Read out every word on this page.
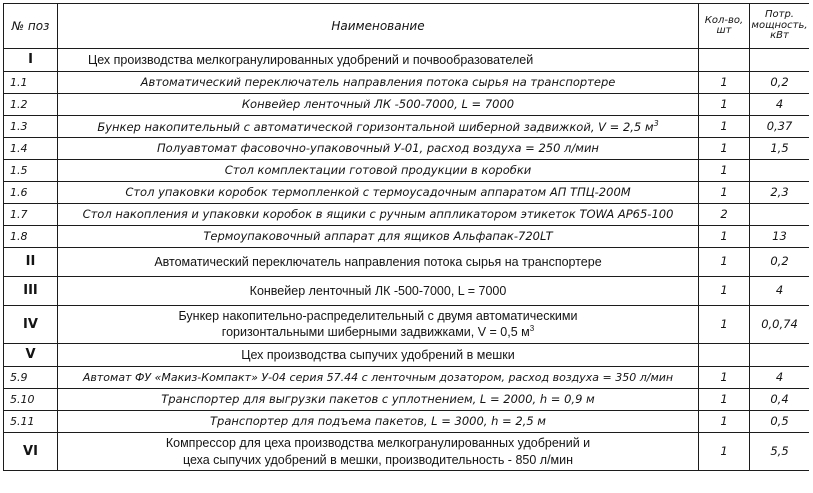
№ поз	Наименование	Кол-во, шт	Потр. мощность, кВт
I	Цех производства мелкогранулированных удобрений и почвообразователей		
1.1	Автоматический переключатель направления потока сырья на транспортере	1	0,2
1.2	Конвейер ленточный ЛК -500-7000, L = 7000	1	4
1.3	Бункер накопительный с автоматической горизонтальной шиберной задвижкой, V = 2,5 $м^3$	1	0,37
1.4	Полуавтомат фасовочно-упаковочный У-01, расход воздуха = 250 л/мин	1	1,5
1.5	Стол комплектации готовой продукции в коробки	1	
1.6	Стол упаковки коробок термопленкой с термоусадочным аппаратом АП ТПЦ-200М	1	2,3
1.7	Стол накопления и упаковки коробок в ящики с ручным аппликатором этикеток TOWA AP65-100	2	
1.8	Термоупаковочный аппарат для ящиков Альфапак-720LT	1	13
II	Автоматический переключатель направления потока сырья на транспортере	1	0,2
III	Конвейер ленточный ЛК -500-7000, L = 7000	1	4
IV	Бункер накопительно-распределительный с двумя автоматическими
горизонтальными шиберными задвижками, V = 0,5 $м^3$	1	0,0,74
V	Цех производства сыпучих удобрений в мешки		
5.9	Автомат ФУ «Макиз-Компакт» У-04 серия 57.44 с ленточным дозатором, расход воздуха = 350 л/мин	1	4
5.10	Транспортер для выгрузки пакетов с уплотнением, L = 2000, h = 0,9 м	1	0,4
5.11	Транспортер для подъема пакетов, L = 3000, h = 2,5 м	1	0,5
VI	Компрессор для цеха производства мелкогранулированных удобрений и
цеха сыпучих удобрений в мешки, производительность - 850 л/мин	1	5,5
